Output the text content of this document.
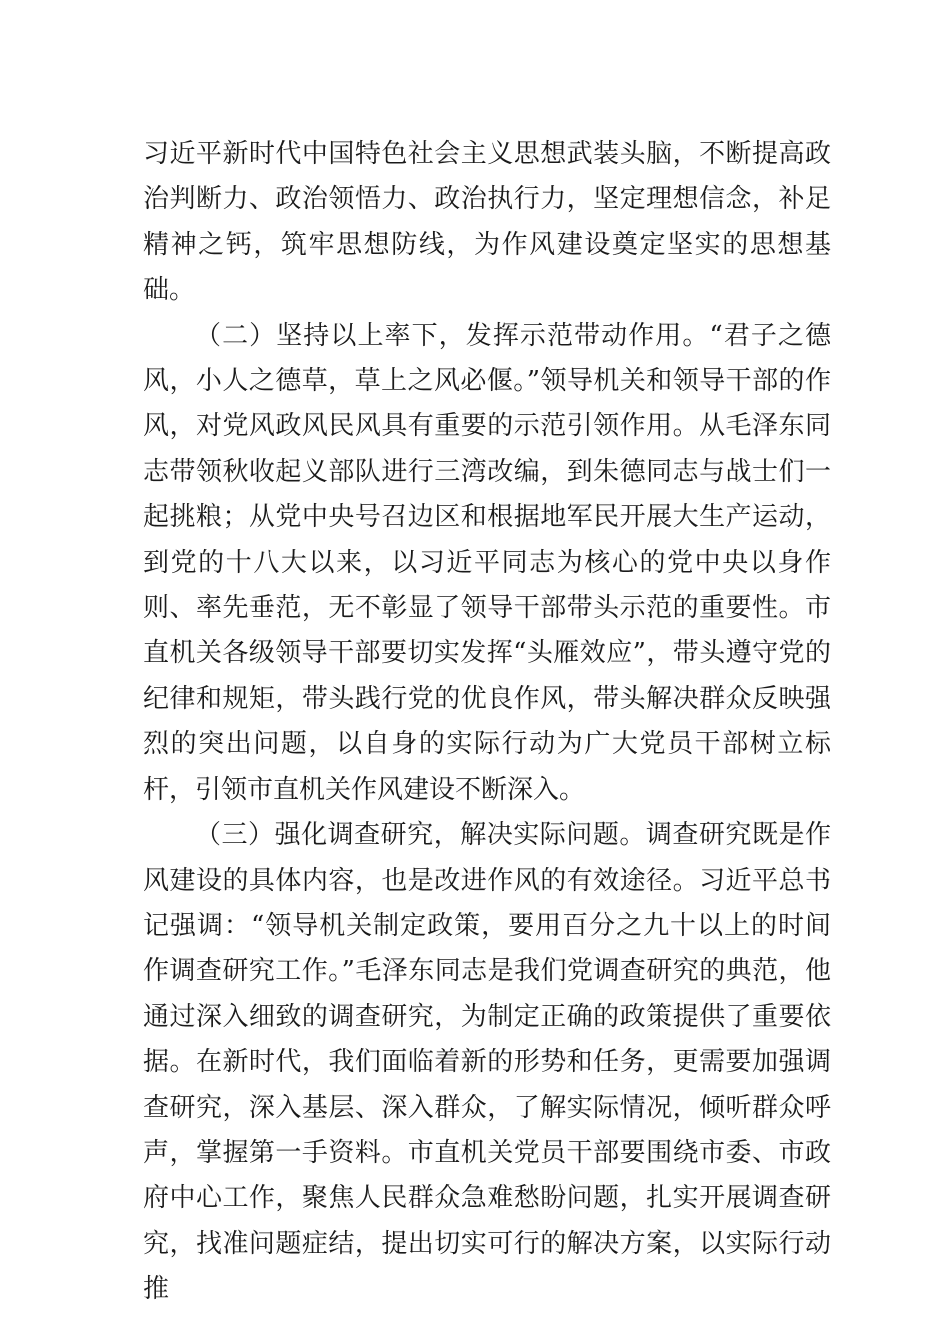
习近平新时代中国特色社会主义思想武装头脑，不断提高政治判断力、政治领悟力、政治执行力，坚定理想信念，补足精神之钙，筑牢思想防线，为作风建设奠定坚实的思想基础。

（二）坚持以上率下，发挥示范带动作用。“君子之德风，小人之德草，草上之风必偃。”领导机关和领导干部的作风，对党风政风民风具有重要的示范引领作用。从毛泽东同志带领秋收起义部队进行三湾改编，到朱德同志与战士们一起挑粮；从党中央号召边区和根据地军民开展大生产运动，到党的十八大以来，以习近平同志为核心的党中央以身作则、率先垂范，无不彰显了领导干部带头示范的重要性。市直机关各级领导干部要切实发挥“头雁效应”，带头遵守党的纪律和规矩，带头践行党的优良作风，带头解决群众反映强烈的突出问题，以自身的实际行动为广大党员干部树立标杆，引领市直机关作风建设不断深入。

（三）强化调查研究，解决实际问题。调查研究既是作风建设的具体内容，也是改进作风的有效途径。习近平总书记强调：“领导机关制定政策，要用百分之九十以上的时间作调查研究工作。”毛泽东同志是我们党调查研究的典范，他通过深入细致的调查研究，为制定正确的政策提供了重要依据。在新时代，我们面临着新的形势和任务，更需要加强调查研究，深入基层、深入群众，了解实际情况，倾听群众呼声，掌握第一手资料。市直机关党员干部要围绕市委、市政府中心工作，聚焦人民群众急难愁盼问题，扎实开展调查研究，找准问题症结，提出切实可行的解决方案，以实际行动推
